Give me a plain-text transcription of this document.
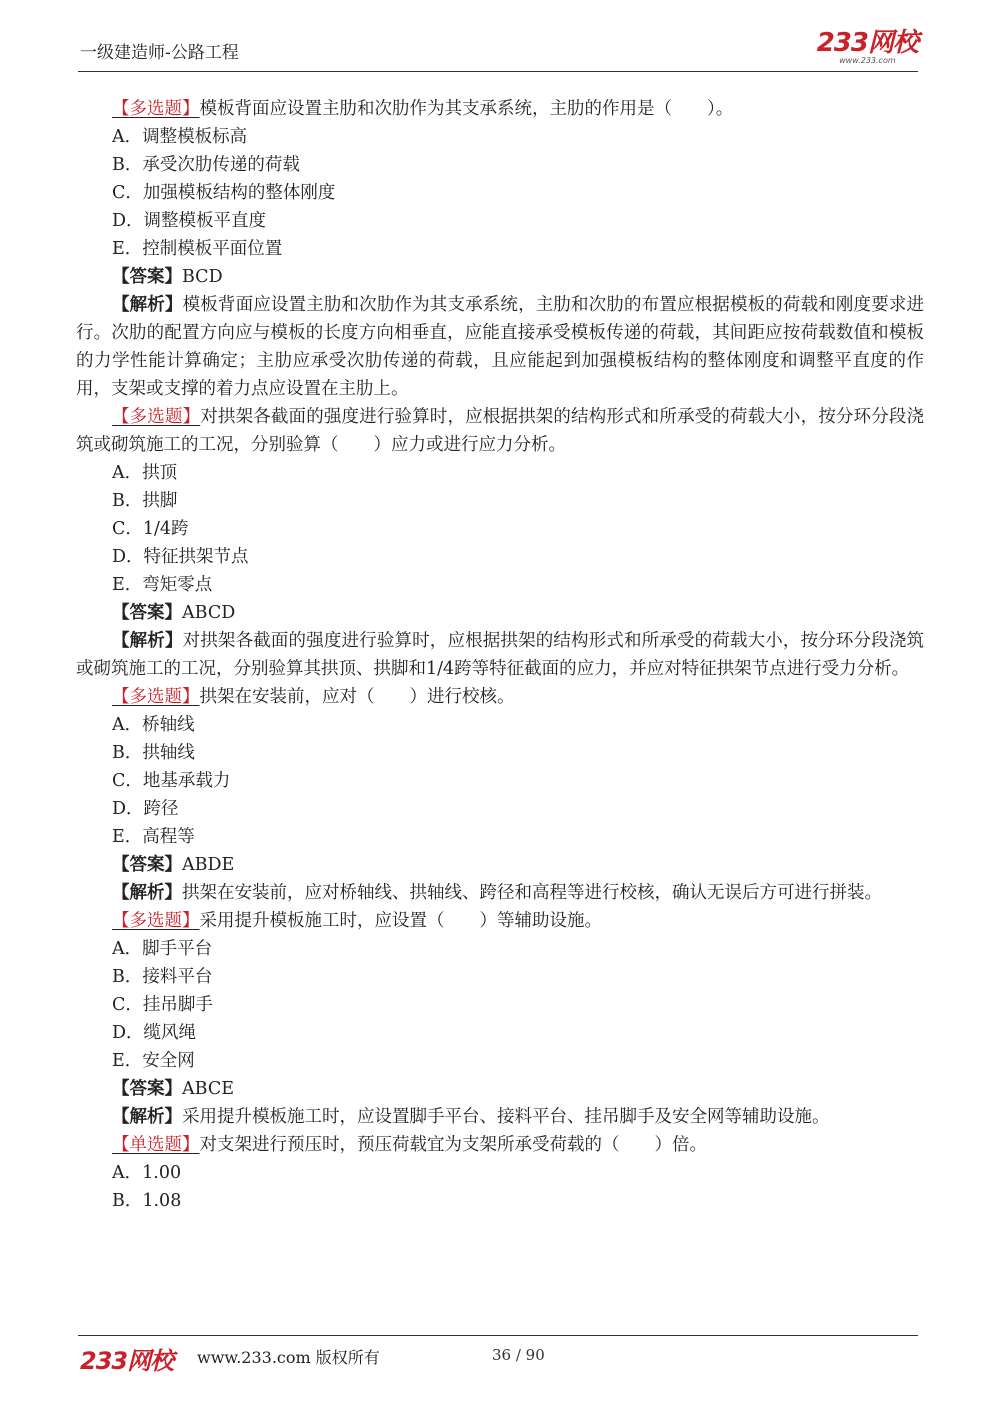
一级建造师-公路工程	233网校
www.233.com
【多选题】模板背面应设置主肋和次肋作为其支承系统，主肋的作用是（　　）。
A．调整模板标高
B．承受次肋传递的荷载
C．加强模板结构的整体刚度
D．调整模板平直度
E．控制模板平面位置
【答案】BCD
【解析】模板背面应设置主肋和次肋作为其支承系统，主肋和次肋的布置应根据模板的荷载和刚度要求进行。次肋的配置方向应与模板的长度方向相垂直，应能直接承受模板传递的荷载，其间距应按荷载数值和模板的力学性能计算确定；主肋应承受次肋传递的荷载，且应能起到加强模板结构的整体刚度和调整平直度的作用，支架或支撑的着力点应设置在主肋上。
【多选题】对拱架各截面的强度进行验算时，应根据拱架的结构形式和所承受的荷载大小，按分环分段浇筑或砌筑施工的工况，分别验算（　　）应力或进行应力分析。
A．拱顶
B．拱脚
C．1/4跨
D．特征拱架节点
E．弯矩零点
【答案】ABCD
【解析】对拱架各截面的强度进行验算时，应根据拱架的结构形式和所承受的荷载大小，按分环分段浇筑或砌筑施工的工况，分别验算其拱顶、拱脚和1/4跨等特征截面的应力，并应对特征拱架节点进行受力分析。
【多选题】拱架在安装前，应对（　　）进行校核。
A．桥轴线
B．拱轴线
C．地基承载力
D．跨径
E．高程等
【答案】ABDE
【解析】拱架在安装前，应对桥轴线、拱轴线、跨径和高程等进行校核，确认无误后方可进行拼装。
【多选题】采用提升模板施工时，应设置（　　）等辅助设施。
A．脚手平台
B．接料平台
C．挂吊脚手
D．缆风绳
E．安全网
【答案】ABCE
【解析】采用提升模板施工时，应设置脚手平台、接料平台、挂吊脚手及安全网等辅助设施。
【单选题】对支架进行预压时，预压荷载宜为支架所承受荷载的（　　）倍。
A．1.00
B．1.08
233网校 www.233.com 版权所有	36 / 90
